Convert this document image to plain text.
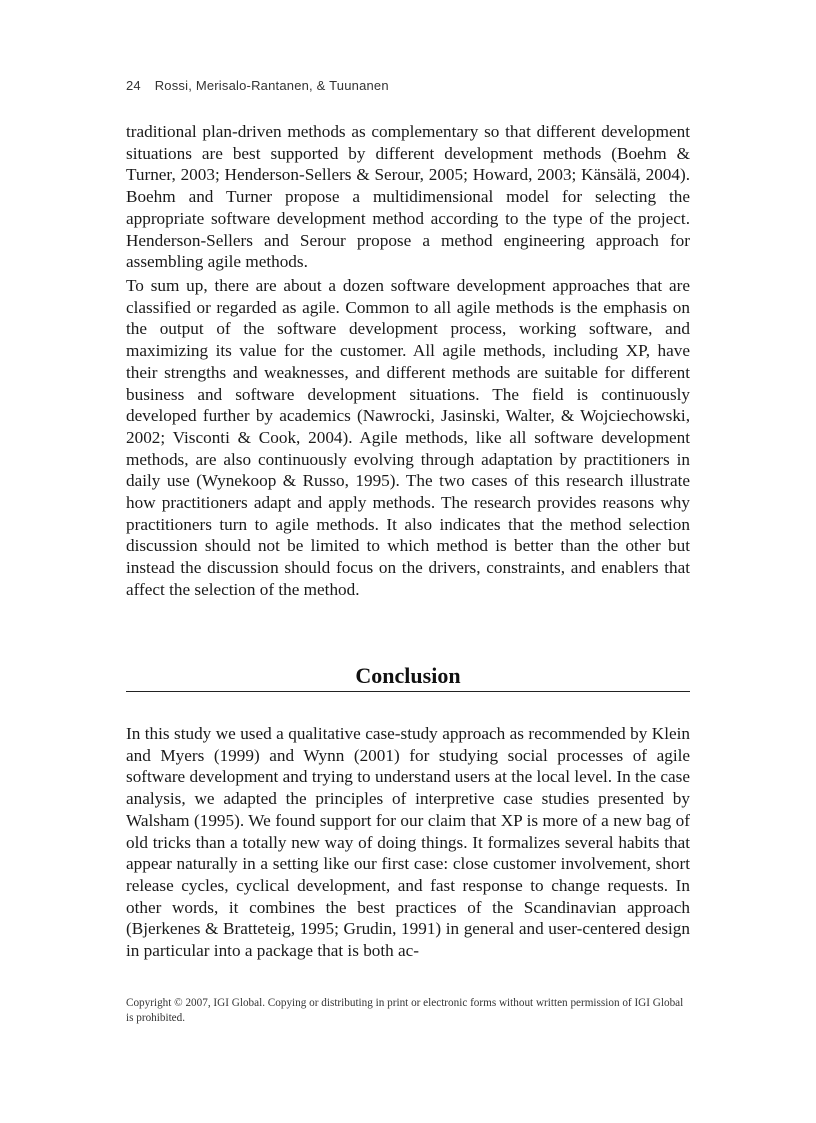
24 Rossi, Merisalo-Rantanen, & Tuunanen

traditional plan-driven methods as complementary so that different development situations are best supported by different development methods (Boehm & Turner, 2003; Henderson-Sellers & Serour, 2005; Howard, 2003; Känsälä, 2004). Boehm and Turner propose a multidimensional model for selecting the appropriate software development method according to the type of the project. Henderson-Sellers and Serour propose a method engineering approach for assembling agile methods.

To sum up, there are about a dozen software development approaches that are classified or regarded as agile. Common to all agile methods is the emphasis on the output of the software development process, working software, and maximizing its value for the customer. All agile methods, including XP, have their strengths and weaknesses, and different methods are suitable for different business and software development situations. The field is continuously developed further by academics (Nawrocki, Jasinski, Walter, & Wojciechowski, 2002; Visconti & Cook, 2004). Agile methods, like all software development methods, are also continuously evolving through adaptation by practitioners in daily use (Wynekoop & Russo, 1995). The two cases of this research illustrate how practitioners adapt and apply methods. The research provides reasons why practitioners turn to agile methods. It also indicates that the method selection discussion should not be limited to which method is better than the other but instead the discussion should focus on the drivers, constraints, and enablers that affect the selection of the method.

Conclusion

In this study we used a qualitative case-study approach as recommended by Klein and Myers (1999) and Wynn (2001) for studying social processes of agile software development and trying to understand users at the local level. In the case analysis, we adapted the principles of interpretive case studies presented by Walsham (1995). We found support for our claim that XP is more of a new bag of old tricks than a totally new way of doing things. It formalizes several habits that appear naturally in a setting like our first case: close customer involvement, short release cycles, cyclical development, and fast response to change requests. In other words, it combines the best practices of the Scandinavian approach (Bjerkenes & Bratteteig, 1995; Grudin, 1991) in general and user-centered design in particular into a package that is both ac-

Copyright © 2007, IGI Global. Copying or distributing in print or electronic forms without written permission of IGI Global is prohibited.
